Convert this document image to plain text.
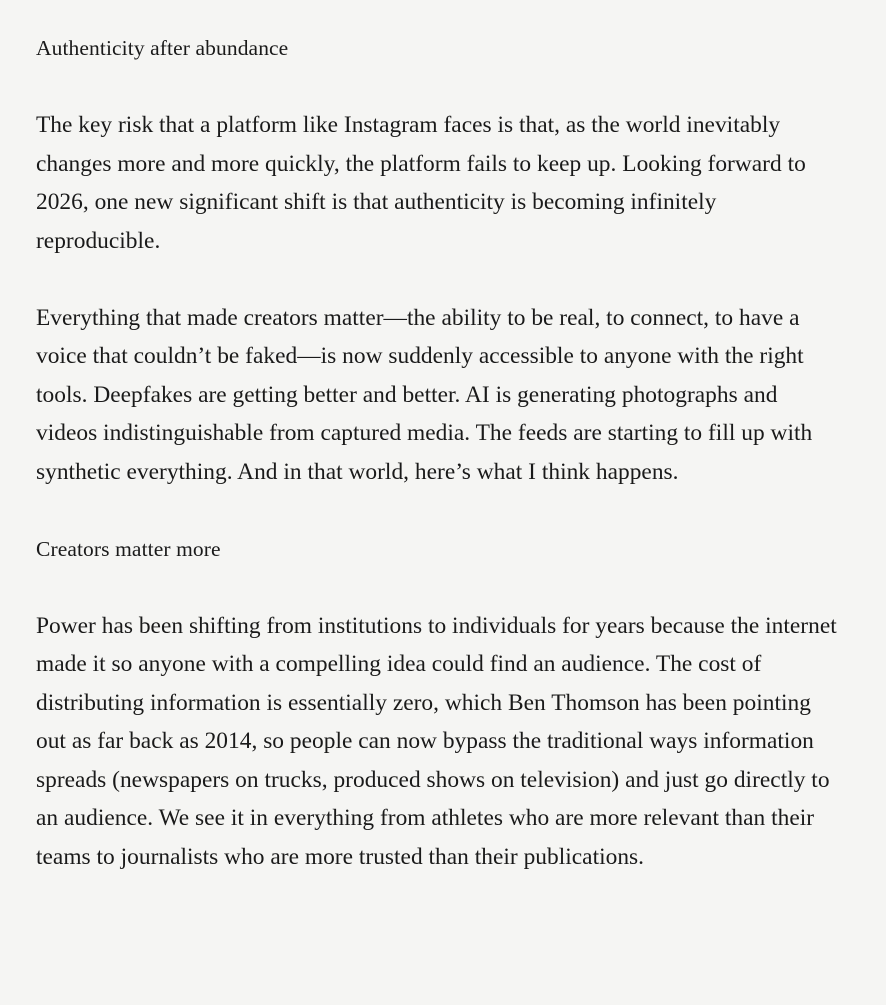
Authenticity after abundance

The key risk that a platform like Instagram faces is that, as the world inevitably changes more and more quickly, the platform fails to keep up. Looking forward to 2026, one new significant shift is that authenticity is becoming infinitely reproducible.

Everything that made creators matter—the ability to be real, to connect, to have a voice that couldn’t be faked—is now suddenly accessible to anyone with the right tools. Deepfakes are getting better and better. AI is generating photographs and videos indistinguishable from captured media. The feeds are starting to fill up with synthetic everything. And in that world, here’s what I think happens.

Creators matter more

Power has been shifting from institutions to individuals for years because the internet made it so anyone with a compelling idea could find an audience. The cost of distributing information is essentially zero, which Ben Thomson has been pointing out as far back as 2014, so people can now bypass the traditional ways information spreads (newspapers on trucks, produced shows on television) and just go directly to an audience. We see it in everything from athletes who are more relevant than their teams to journalists who are more trusted than their publications.
